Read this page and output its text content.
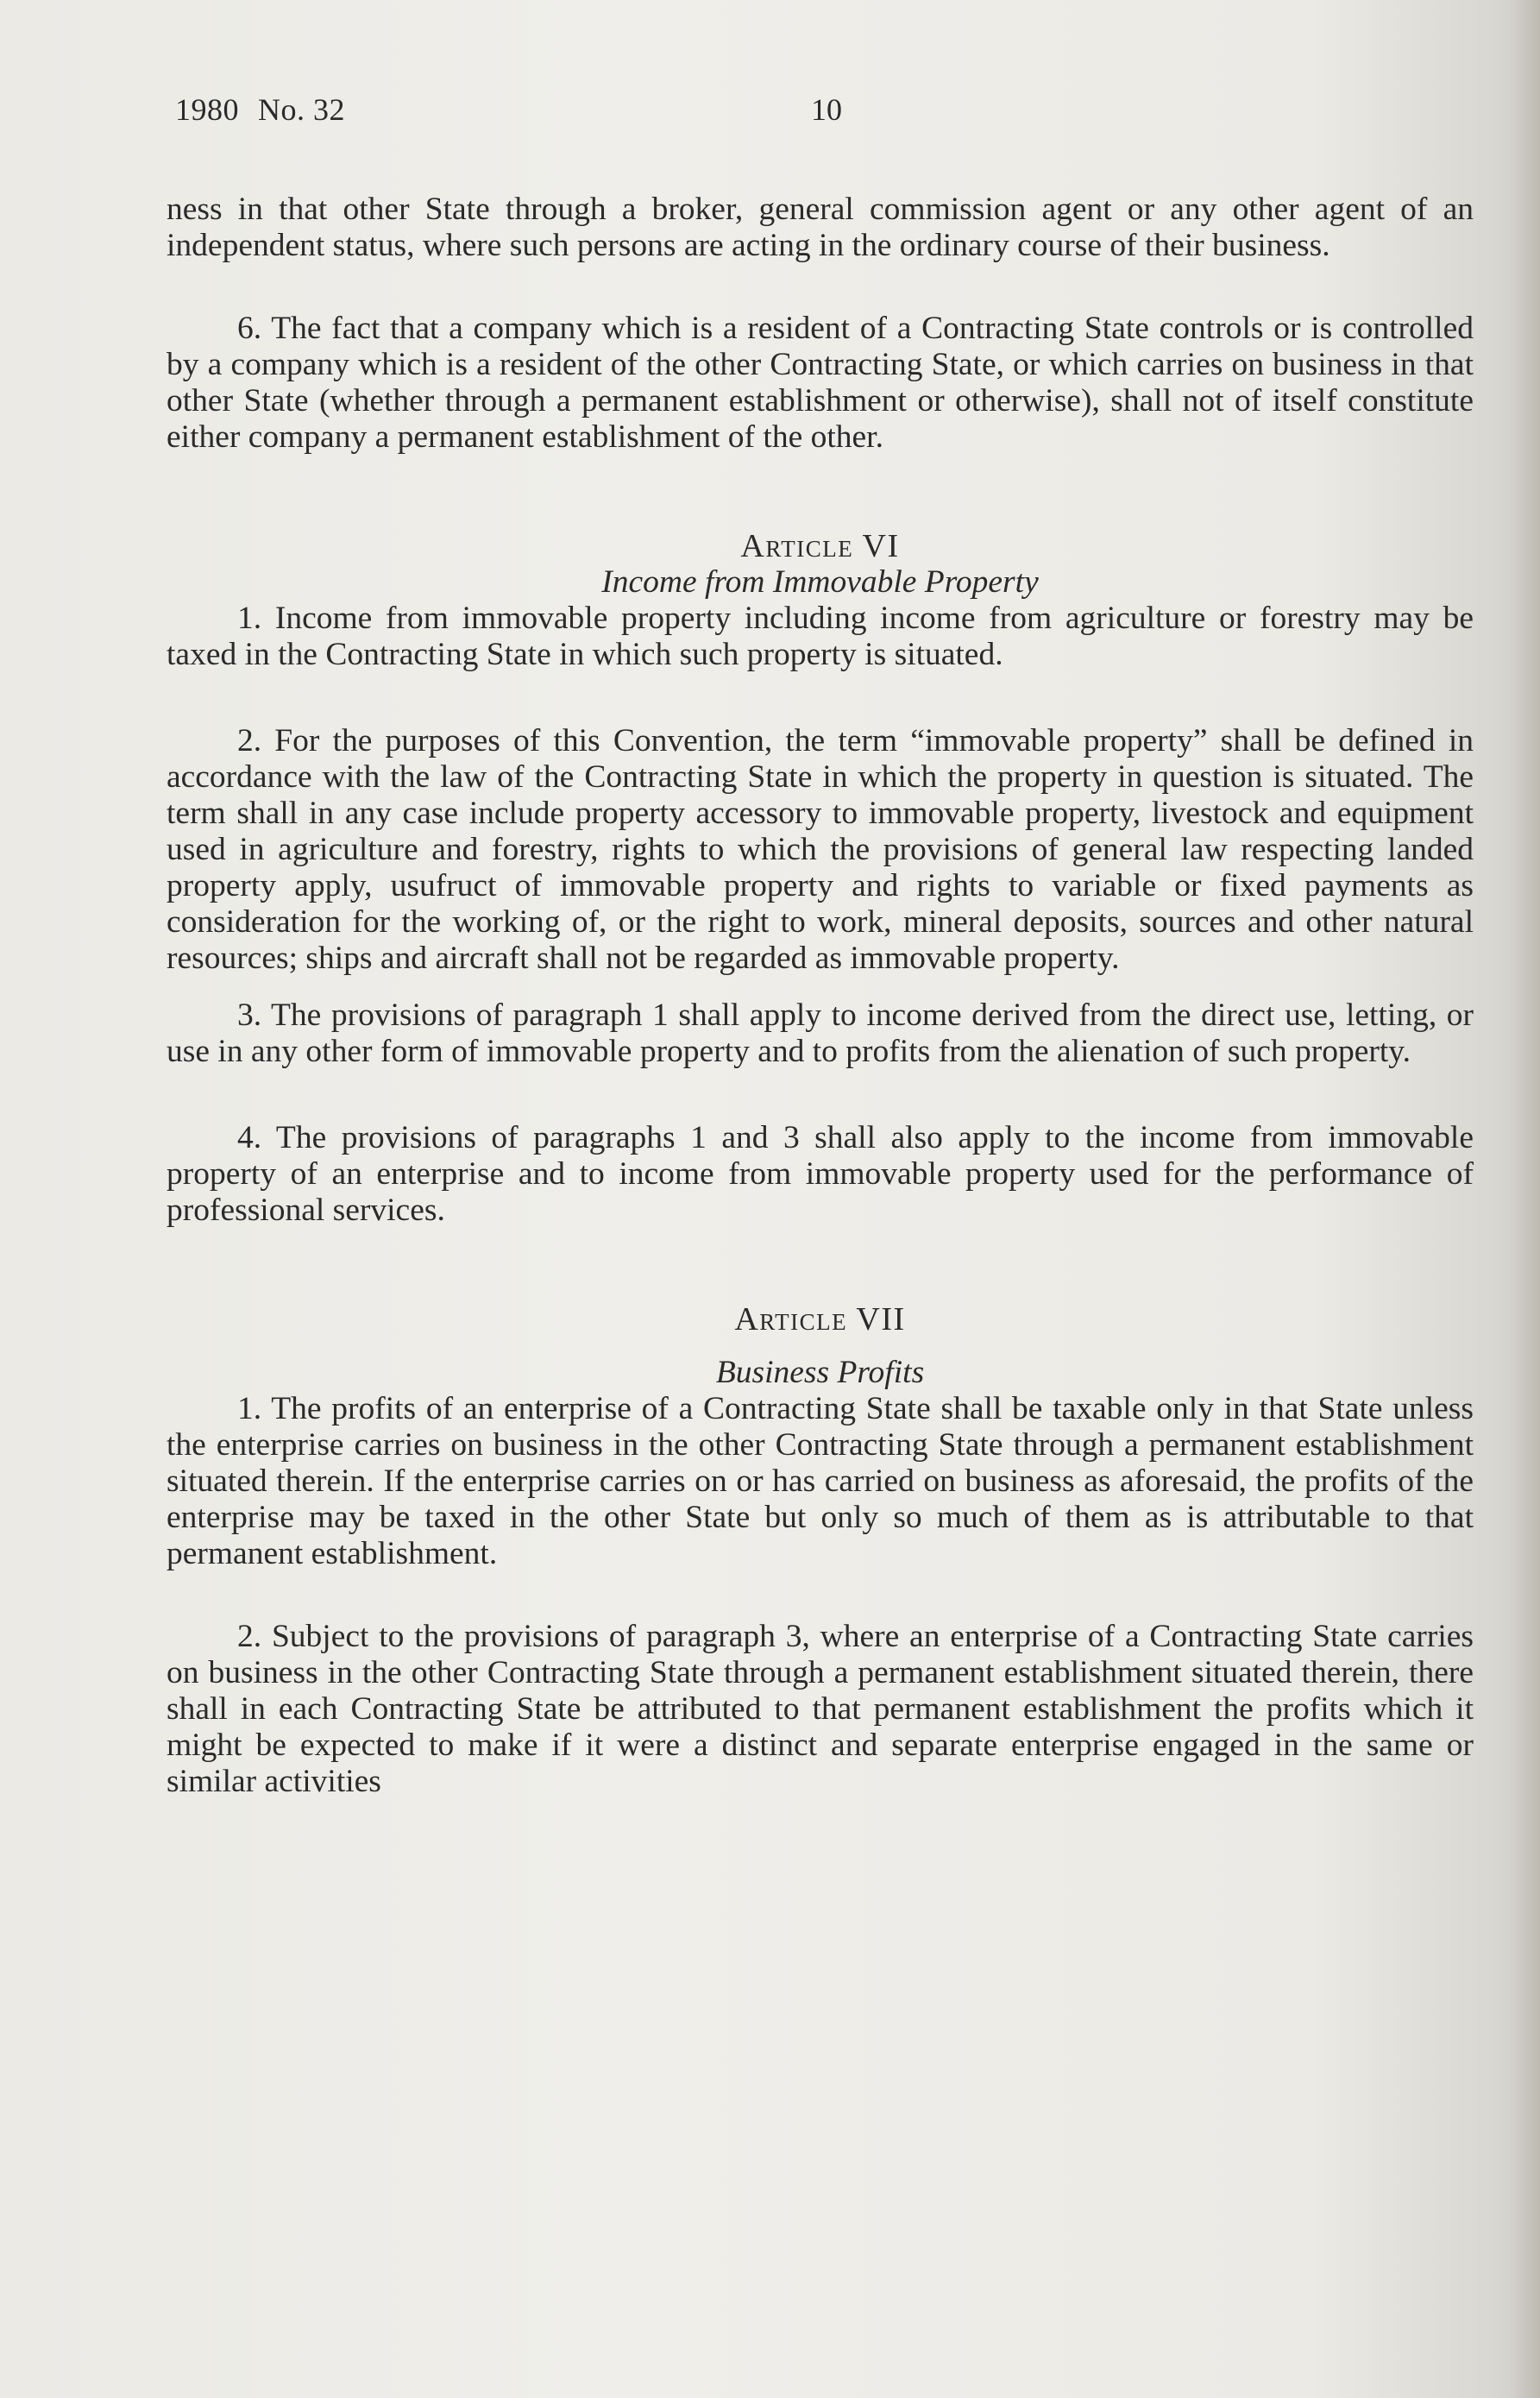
1980 No. 32	10

ness in that other State through a broker, general commission agent or any other agent of an independent status, where such persons are acting in the ordinary course of their business.

6. The fact that a company which is a resident of a Contracting State controls or is controlled by a company which is a resident of the other Contracting State, or which carries on business in that other State (whether through a permanent establishment or otherwise), shall not of itself constitute either company a permanent establishment of the other.

Article VI

Income from Immovable Property

1. Income from immovable property including income from agriculture or forestry may be taxed in the Contracting State in which such property is situated.

2. For the purposes of this Convention, the term “immovable property” shall be defined in accordance with the law of the Contracting State in which the property in question is situated. The term shall in any case include property accessory to immovable property, livestock and equipment used in agriculture and forestry, rights to which the provisions of general law respecting landed property apply, usufruct of immovable property and rights to variable or fixed payments as consideration for the working of, or the right to work, mineral deposits, sources and other natural resources; ships and aircraft shall not be regarded as immovable property.

3. The provisions of paragraph 1 shall apply to income derived from the direct use, letting, or use in any other form of immovable property and to profits from the alienation of such property.

4. The provisions of paragraphs 1 and 3 shall also apply to the income from immovable property of an enterprise and to income from immovable property used for the performance of professional services.

Article VII

Business Profits

1. The profits of an enterprise of a Contracting State shall be taxable only in that State unless the enterprise carries on business in the other Contracting State through a permanent establishment situated therein. If the enterprise carries on or has carried on business as aforesaid, the profits of the enterprise may be taxed in the other State but only so much of them as is attributable to that permanent establishment.

2. Subject to the provisions of paragraph 3, where an enterprise of a Contracting State carries on business in the other Contracting State through a permanent establishment situated therein, there shall in each Contracting State be attributed to that permanent establishment the profits which it might be expected to make if it were a distinct and separate enterprise engaged in the same or similar activities
